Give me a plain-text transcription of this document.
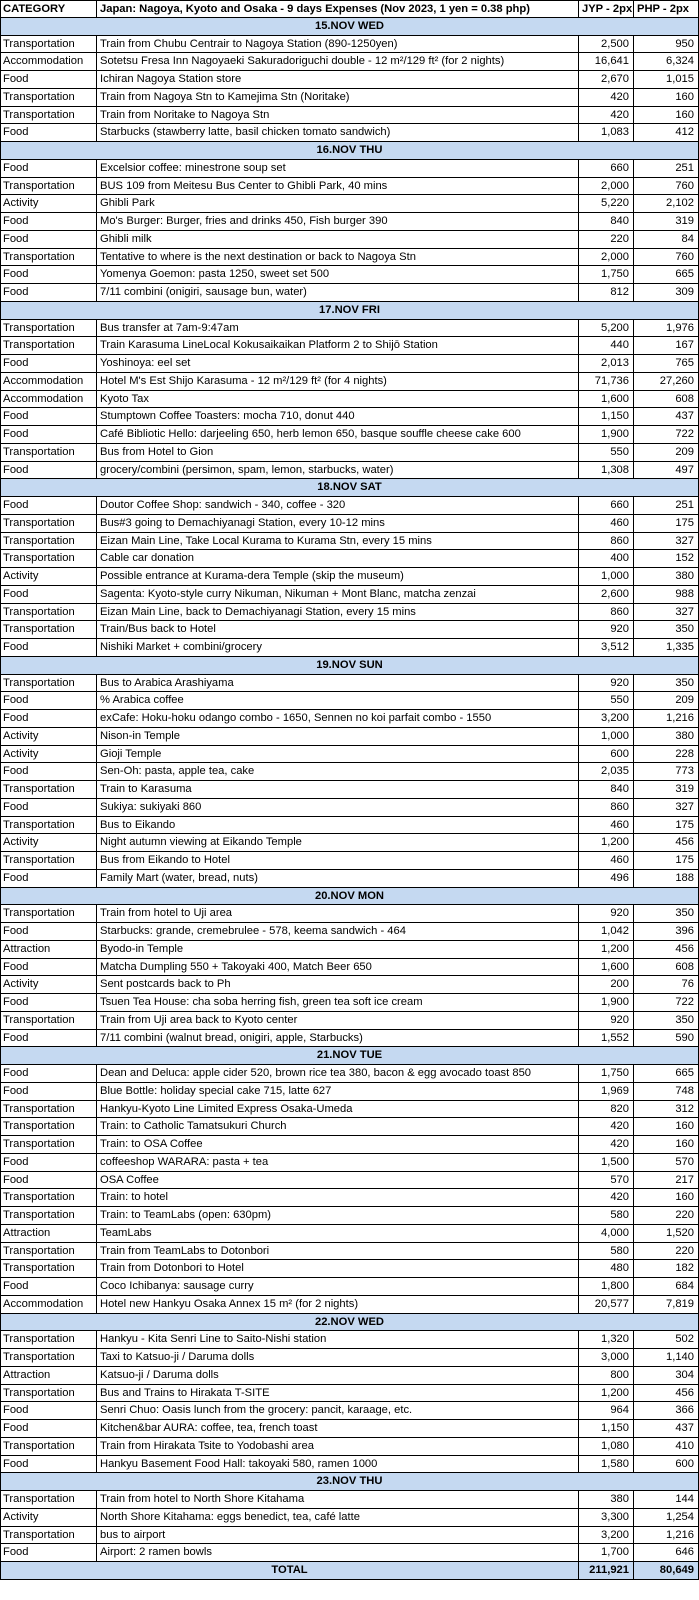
CATEGORY	Japan: Nagoya, Kyoto and Osaka - 9 days Expenses (Nov 2023, 1 yen = 0.38 php)	JYP - 2px PHP - 2px
15.NOV WED
Transportation	Train from Chubu Centrair to Nagoya Station (890-1250yen)	2,500	950
Accommodation	Sotetsu Fresa Inn Nagoyaeki Sakuradoriguchi double - 12 m²/129 ft² (for 2 nights)	16,641	6,324
Food	Ichiran Nagoya Station store	2,670	1,015
Transportation	Train from Nagoya Stn to Kamejima Stn (Noritake)	420	160
Transportation	Train from Noritake to Nagoya Stn	420	160
Food	Starbucks (stawberry latte, basil chicken tomato sandwich)	1,083	412
16.NOV THU
Food	Excelsior coffee: minestrone soup set	660	251
Transportation	BUS 109 from Meitesu Bus Center to Ghibli Park, 40 mins	2,000	760
Activity	Ghibli Park	5,220	2,102
Food	Mo's Burger: Burger, fries and drinks 450, Fish burger 390	840	319
Food	Ghibli milk	220	84
Transportation	Tentative to where is the next destination or back to Nagoya Stn	2,000	760
Food	Yomenya Goemon: pasta 1250, sweet set 500	1,750	665
Food	7/11 combini (onigiri, sausage bun, water)	812	309
17.NOV FRI
Transportation	Bus transfer at 7am-9:47am	5,200	1,976
Transportation	Train Karasuma LineLocal Kokusaikaikan Platform 2 to Shijō Station	440	167
Food	Yoshinoya: eel set	2,013	765
Accommodation	Hotel M's Est Shijo Karasuma - 12 m²/129 ft² (for 4 nights)	71,736	27,260
Accommodation	Kyoto Tax	1,600	608
Food	Stumptown Coffee Toasters: mocha 710, donut 440	1,150	437
Food	Café Bibliotic Hello: darjeeling 650, herb lemon 650, basque souffle cheese cake 600	1,900	722
Transportation	Bus from Hotel to Gion	550	209
Food	grocery/combini (persimon, spam, lemon, starbucks, water)	1,308	497
18.NOV SAT
Food	Doutor Coffee Shop: sandwich - 340, coffee - 320	660	251
Transportation	Bus#3 going to Demachiyanagi Station, every 10-12 mins	460	175
Transportation	Eizan Main Line, Take Local Kurama to Kurama Stn, every 15 mins	860	327
Transportation	Cable car donation	400	152
Activity	Possible entrance at Kurama-dera Temple (skip the museum)	1,000	380
Food	Sagenta: Kyoto-style curry Nikuman, Nikuman + Mont Blanc, matcha zenzai	2,600	988
Transportation	Eizan Main Line, back to Demachiyanagi Station, every 15 mins	860	327
Transportation	Train/Bus back to Hotel	920	350
Food	Nishiki Market + combini/grocery	3,512	1,335
19.NOV SUN
Transportation	Bus to Arabica Arashiyama	920	350
Food	% Arabica coffee	550	209
Food	exCafe: Hoku-hoku odango combo - 1650, Sennen no koi parfait combo - 1550	3,200	1,216
Activity	Nison-in Temple	1,000	380
Activity	Gioji Temple	600	228
Food	Sen-Oh: pasta, apple tea, cake	2,035	773
Transportation	Train to Karasuma	840	319
Food	Sukiya: sukiyaki 860	860	327
Transportation	Bus to Eikando	460	175
Activity	Night autumn viewing at Eikando Temple	1,200	456
Transportation	Bus from Eikando to Hotel	460	175
Food	Family Mart (water, bread, nuts)	496	188
20.NOV MON
Transportation	Train from hotel to Uji area	920	350
Food	Starbucks: grande, cremebrulee - 578, keema sandwich - 464	1,042	396
Attraction	Byodo-in Temple	1,200	456
Food	Matcha Dumpling 550 + Takoyaki 400, Match Beer 650	1,600	608
Activity	Sent postcards back to Ph	200	76
Food	Tsuen Tea House: cha soba herring fish, green tea soft ice cream	1,900	722
Transportation	Train from Uji area back to Kyoto center	920	350
Food	7/11 combini (walnut bread, onigiri, apple, Starbucks)	1,552	590
21.NOV TUE
Food	Dean and Deluca: apple cider 520, brown rice tea 380, bacon & egg avocado toast 850	1,750	665
Food	Blue Bottle: holiday special cake 715, latte 627	1,969	748
Transportation	Hankyu-Kyoto Line Limited Express Osaka-Umeda	820	312
Transportation	Train: to Catholic Tamatsukuri Church	420	160
Transportation	Train: to OSA Coffee	420	160
Food	coffeeshop WARARA: pasta + tea	1,500	570
Food	OSA Coffee	570	217
Transportation	Train: to hotel	420	160
Transportation	Train: to TeamLabs (open: 630pm)	580	220
Attraction	TeamLabs	4,000	1,520
Transportation	Train from TeamLabs to Dotonbori	580	220
Transportation	Train from Dotonbori to Hotel	480	182
Food	Coco Ichibanya: sausage curry	1,800	684
Accommodation	Hotel new Hankyu Osaka Annex 15 m² (for 2 nights)	20,577	7,819
22.NOV WED
Transportation	Hankyu - Kita Senri Line to Saito-Nishi station	1,320	502
Transportation	Taxi to Katsuo-ji / Daruma dolls	3,000	1,140
Attraction	Katsuo-ji / Daruma dolls	800	304
Transportation	Bus and Trains to Hirakata T-SITE	1,200	456
Food	Senri Chuo: Oasis lunch from the grocery: pancit, karaage, etc.	964	366
Food	Kitchen&bar AURA: coffee, tea, french toast	1,150	437
Transportation	Train from Hirakata Tsite to Yodobashi area	1,080	410
Food	Hankyu Basement Food Hall: takoyaki 580, ramen 1000	1,580	600
23.NOV THU
Transportation	Train from hotel to North Shore Kitahama	380	144
Activity	North Shore Kitahama: eggs benedict, tea, café latte	3,300	1,254
Transportation	bus to airport	3,200	1,216
Food	Airport: 2 ramen bowls	1,700	646
TOTAL	211,921	80,649
